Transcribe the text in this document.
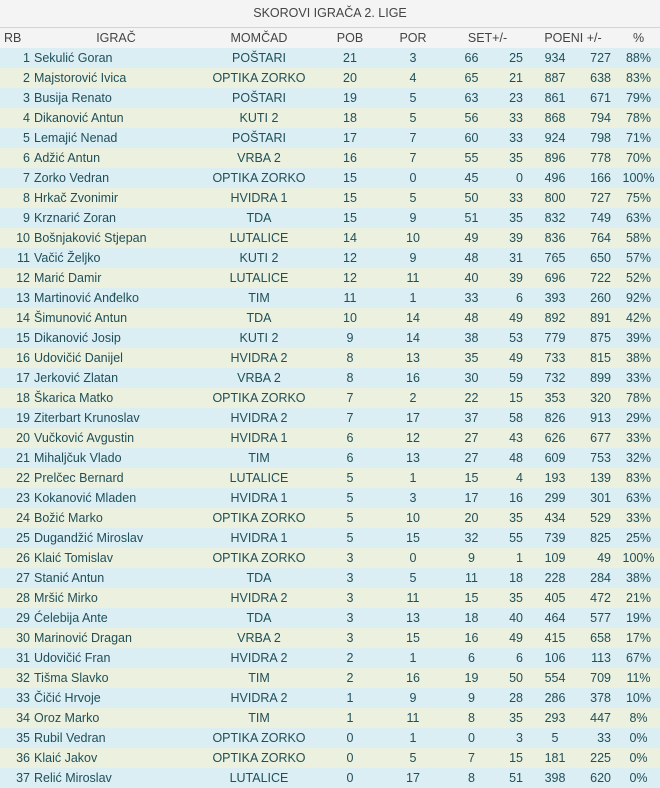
SKOROVI IGRAČA 2. LIGE
RB	IGRAČ	MOMČAD	POB	POR	SET+/-		POENI +/-		%
1	Sekulić Goran	POŠTARI	21	3	66	25	934	727	88%
2	Majstorović Ivica	OPTIKA ZORKO	20	4	65	21	887	638	83%
3	Busija Renato	POŠTARI	19	5	63	23	861	671	79%
4	Dikanović Antun	KUTI 2	18	5	56	33	868	794	78%
5	Lemajić Nenad	POŠTARI	17	7	60	33	924	798	71%
6	Adžić Antun	VRBA 2	16	7	55	35	896	778	70%
7	Zorko Vedran	OPTIKA ZORKO	15	0	45	0	496	166	100%
8	Hrkač Zvonimir	HVIDRA 1	15	5	50	33	800	727	75%
9	Krznarić Zoran	TDA	15	9	51	35	832	749	63%
10	Bošnjaković Stjepan	LUTALICE	14	10	49	39	836	764	58%
11	Vačić Željko	KUTI 2	12	9	48	31	765	650	57%
12	Marić Damir	LUTALICE	12	11	40	39	696	722	52%
13	Martinović Anđelko	TIM	11	1	33	6	393	260	92%
14	Šimunović Antun	TDA	10	14	48	49	892	891	42%
15	Dikanović Josip	KUTI 2	9	14	38	53	779	875	39%
16	Udovičić Danijel	HVIDRA 2	8	13	35	49	733	815	38%
17	Jerković Zlatan	VRBA 2	8	16	30	59	732	899	33%
18	Škarica Matko	OPTIKA ZORKO	7	2	22	15	353	320	78%
19	Ziterbart Krunoslav	HVIDRA 2	7	17	37	58	826	913	29%
20	Vučković Avgustin	HVIDRA 1	6	12	27	43	626	677	33%
21	Mihaljčuk Vlado	TIM	6	13	27	48	609	753	32%
22	Prelčec Bernard	LUTALICE	5	1	15	4	193	139	83%
23	Kokanović Mladen	HVIDRA 1	5	3	17	16	299	301	63%
24	Božić Marko	OPTIKA ZORKO	5	10	20	35	434	529	33%
25	Dugandžić Miroslav	HVIDRA 1	5	15	32	55	739	825	25%
26	Klaić Tomislav	OPTIKA ZORKO	3	0	9	1	109	49	100%
27	Stanić Antun	TDA	3	5	11	18	228	284	38%
28	Mršić Mirko	HVIDRA 2	3	11	15	35	405	472	21%
29	Ćelebija Ante	TDA	3	13	18	40	464	577	19%
30	Marinović Dragan	VRBA 2	3	15	16	49	415	658	17%
31	Udovičić Fran	HVIDRA 2	2	1	6	6	106	113	67%
32	Tišma Slavko	TIM	2	16	19	50	554	709	11%
33	Čičić Hrvoje	HVIDRA 2	1	9	9	28	286	378	10%
34	Oroz Marko	TIM	1	11	8	35	293	447	8%
35	Rubil Vedran	OPTIKA ZORKO	0	1	0	3	5	33	0%
36	Klaić Jakov	OPTIKA ZORKO	0	5	7	15	181	225	0%
37	Relić Miroslav	LUTALICE	0	17	8	51	398	620	0%
